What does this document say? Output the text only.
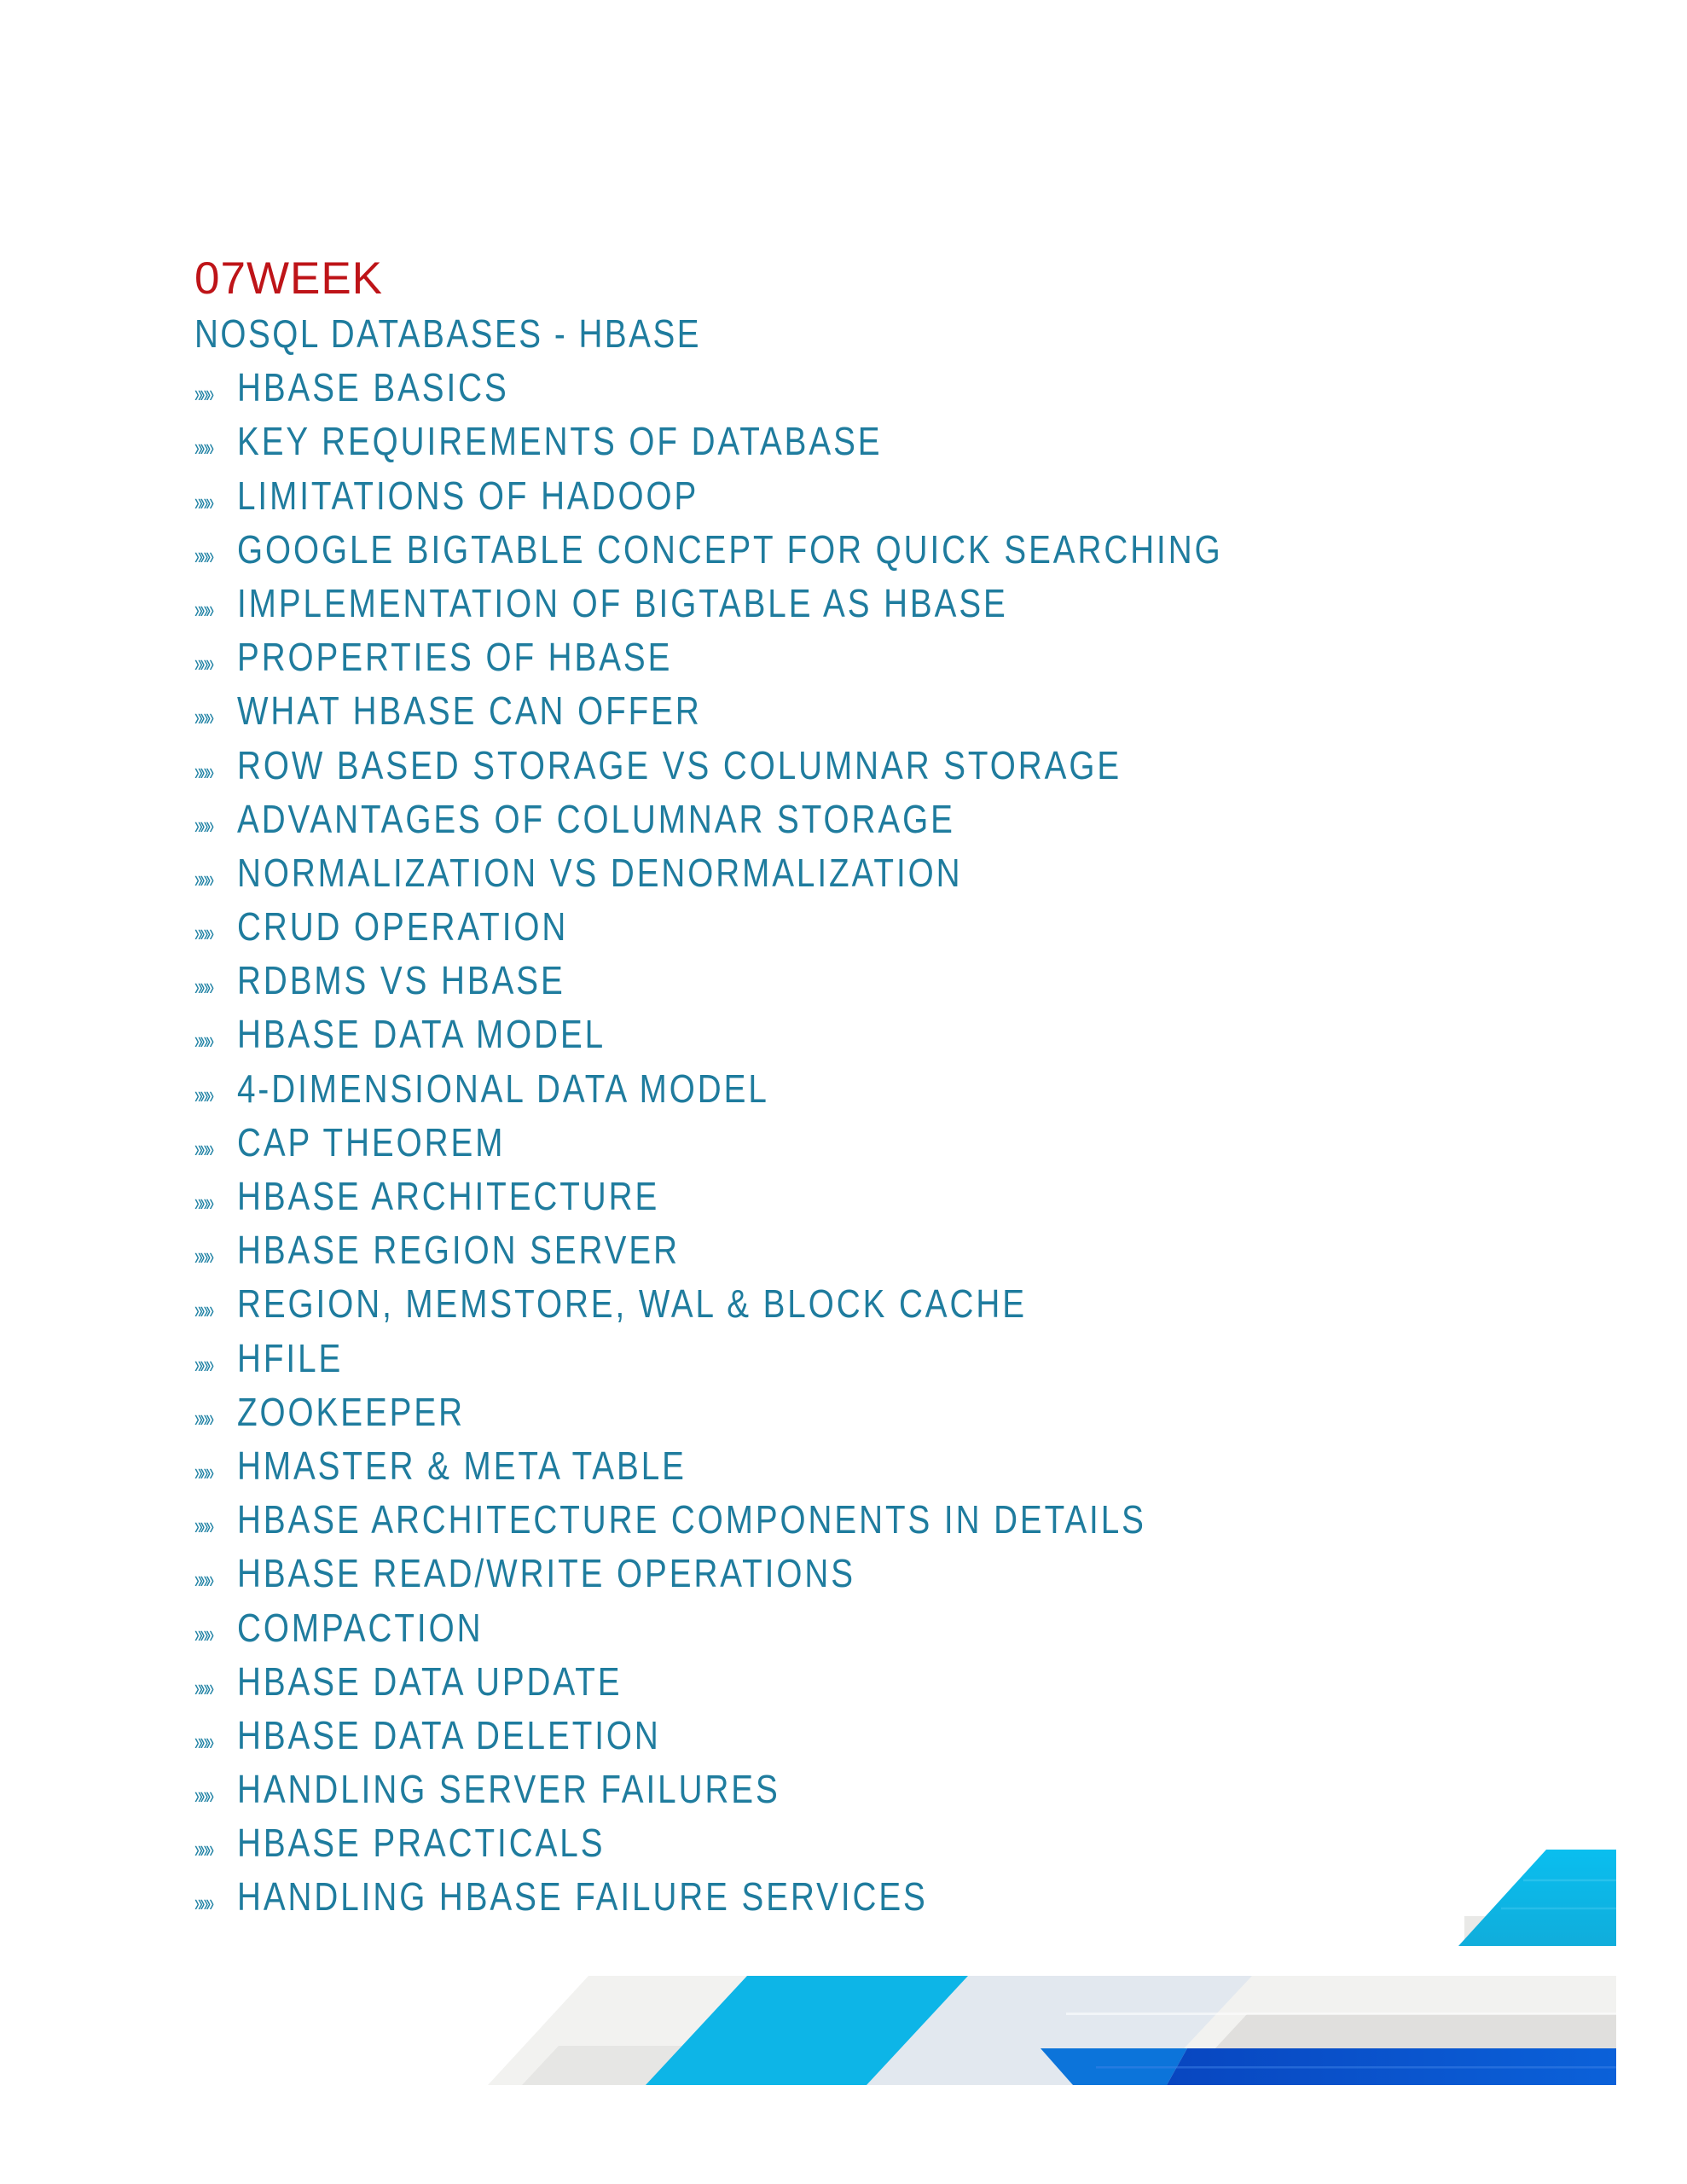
07WEEK
NOSQL DATABASES - HBASE
»»» HBASE BASICS
»»» KEY REQUIREMENTS OF DATABASE
»»» LIMITATIONS OF HADOOP
»»» GOOGLE BIGTABLE CONCEPT FOR QUICK SEARCHING
»»» IMPLEMENTATION OF BIGTABLE AS HBASE
»»» PROPERTIES OF HBASE
»»» WHAT HBASE CAN OFFER
»»» ROW BASED STORAGE VS COLUMNAR STORAGE
»»» ADVANTAGES OF COLUMNAR STORAGE
»»» NORMALIZATION VS DENORMALIZATION
»»» CRUD OPERATION
»»» RDBMS VS HBASE
»»» HBASE DATA MODEL
»»» 4-DIMENSIONAL DATA MODEL
»»» CAP THEOREM
»»» HBASE ARCHITECTURE
»»» HBASE REGION SERVER
»»» REGION, MEMSTORE, WAL & BLOCK CACHE
»»» HFILE
»»» ZOOKEEPER
»»» HMASTER & META TABLE
»»» HBASE ARCHITECTURE COMPONENTS IN DETAILS
»»» HBASE READ/WRITE OPERATIONS
»»» COMPACTION
»»» HBASE DATA UPDATE
»»» HBASE DATA DELETION
»»» HANDLING SERVER FAILURES
»»» HBASE PRACTICALS
»»» HANDLING HBASE FAILURE SERVICES
